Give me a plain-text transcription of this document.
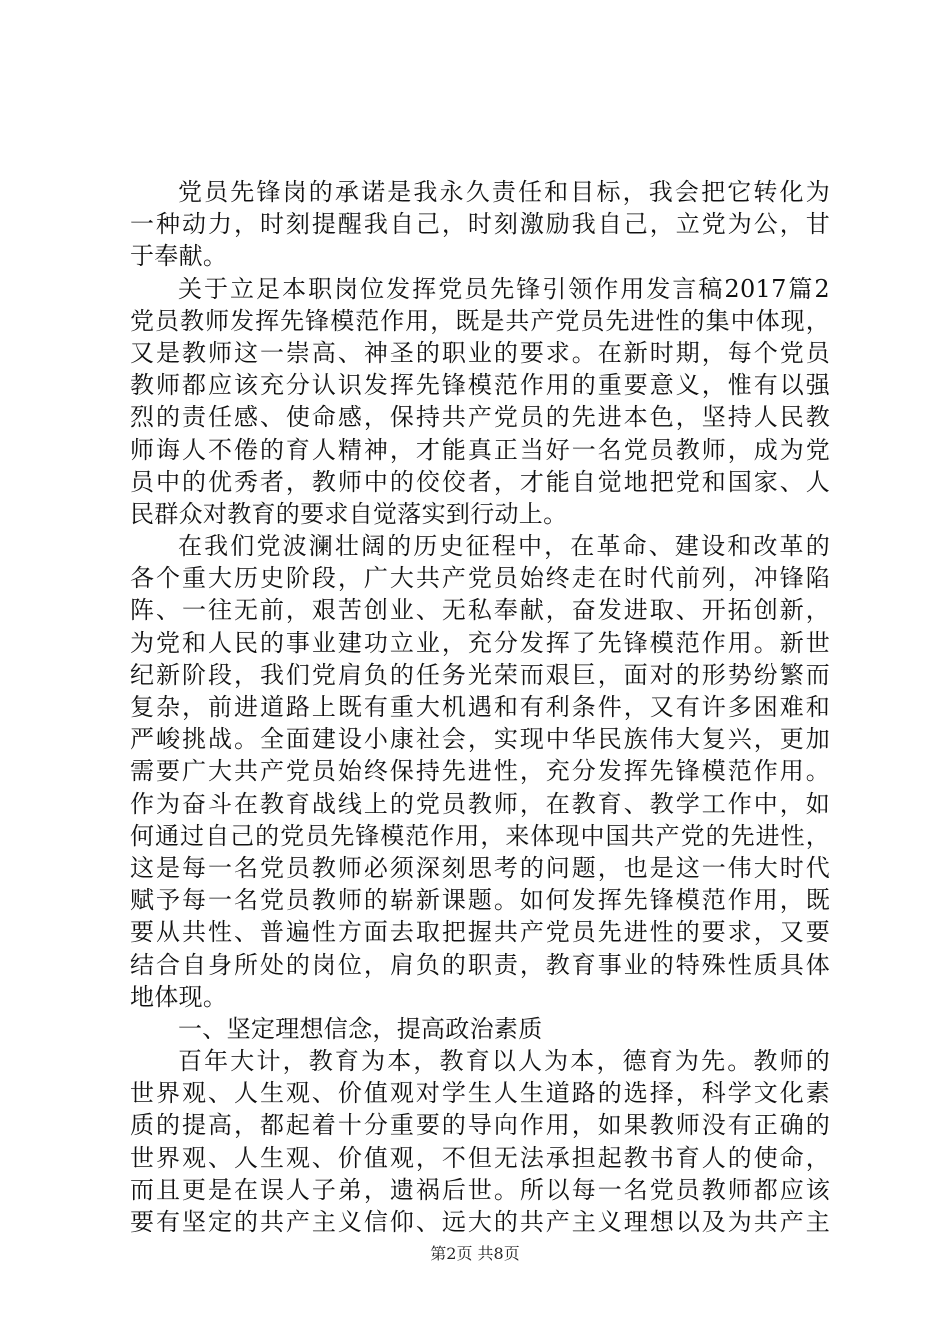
党员先锋岗的承诺是我永久责任和目标，我会把它转化为
一种动力，时刻提醒我自己，时刻激励我自己，立党为公，甘
于奉献。
关于立足本职岗位发挥党员先锋引领作用发言稿2017篇2
党员教师发挥先锋模范作用，既是共产党员先进性的集中体现，
又是教师这一崇高、神圣的职业的要求。在新时期，每个党员
教师都应该充分认识发挥先锋模范作用的重要意义，惟有以强
烈的责任感、使命感，保持共产党员的先进本色，坚持人民教
师诲人不倦的育人精神，才能真正当好一名党员教师，成为党
员中的优秀者，教师中的佼佼者，才能自觉地把党和国家、人
民群众对教育的要求自觉落实到行动上。
在我们党波澜壮阔的历史征程中，在革命、建设和改革的
各个重大历史阶段，广大共产党员始终走在时代前列，冲锋陷
阵、一往无前，艰苦创业、无私奉献，奋发进取、开拓创新，
为党和人民的事业建功立业，充分发挥了先锋模范作用。新世
纪新阶段，我们党肩负的任务光荣而艰巨，面对的形势纷繁而
复杂，前进道路上既有重大机遇和有利条件，又有许多困难和
严峻挑战。全面建设小康社会，实现中华民族伟大复兴，更加
需要广大共产党员始终保持先进性，充分发挥先锋模范作用。
作为奋斗在教育战线上的党员教师，在教育、教学工作中，如
何通过自己的党员先锋模范作用，来体现中国共产党的先进性，
这是每一名党员教师必须深刻思考的问题，也是这一伟大时代
赋予每一名党员教师的崭新课题。如何发挥先锋模范作用，既
要从共性、普遍性方面去取把握共产党员先进性的要求，又要
结合自身所处的岗位，肩负的职责，教育事业的特殊性质具体
地体现。
一、坚定理想信念，提高政治素质
百年大计，教育为本，教育以人为本，德育为先。教师的
世界观、人生观、价值观对学生人生道路的选择，科学文化素
质的提高，都起着十分重要的导向作用，如果教师没有正确的
世界观、人生观、价值观，不但无法承担起教书育人的使命，
而且更是在误人子弟，遗祸后世。所以每一名党员教师都应该
要有坚定的共产主义信仰、远大的共产主义理想以及为共产主
第2页 共8页
